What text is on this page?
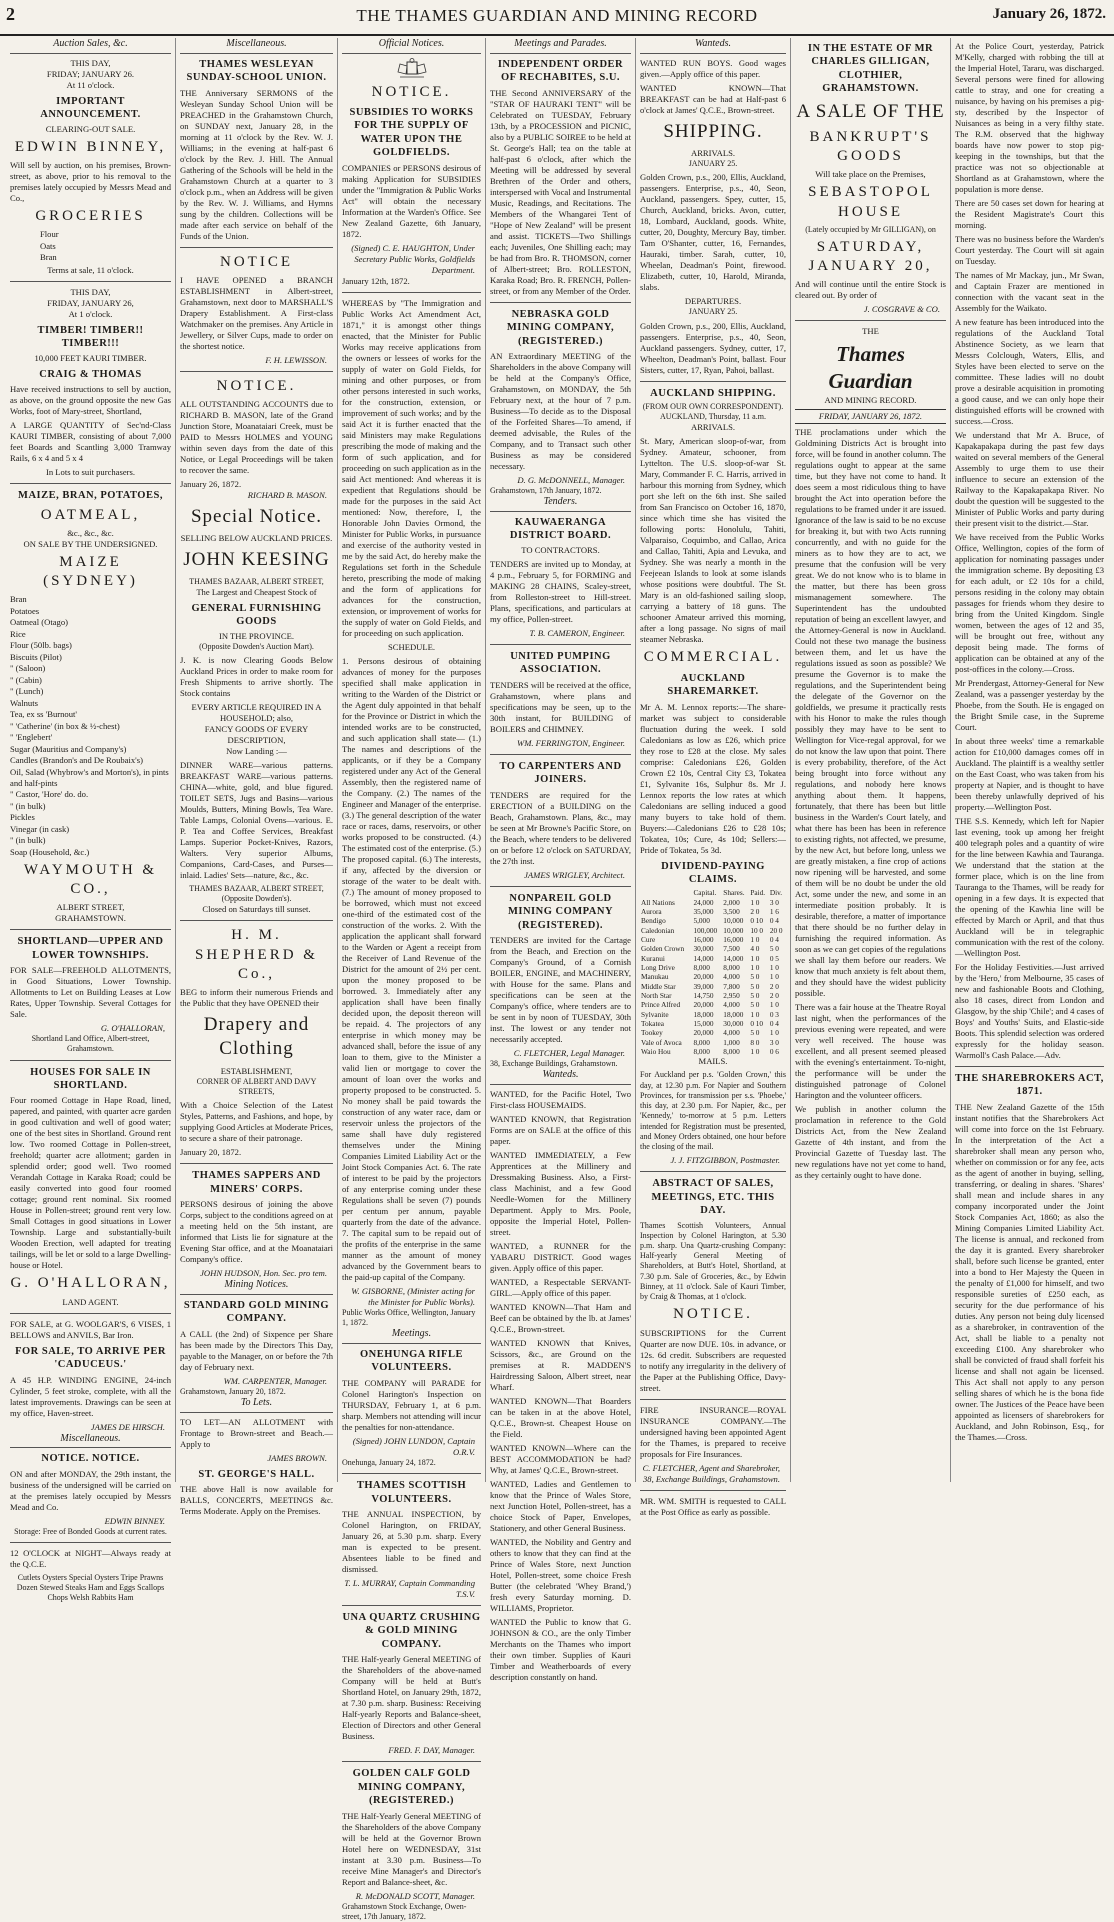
2	THE THAMES GUARDIAN AND MINING RECORD	January 26, 1872.
Auction Sales, &c.
THIS DAY,
FRIDAY; JANUARY 26.
At 11 o'clock.
IMPORTANT ANNOUNCEMENT.
CLEARING-OUT SALE.
EDWIN BINNEY,
Will sell by auction, on his premises, Brown-street, as above, prior to his removal to the premises lately occupied by Messrs Mead and Co.,
GROCERIES
Flour
Oats
Bran
Terms at sale, 11 o'clock.
THIS DAY,
FRIDAY, JANUARY 26,
At 1 o'clock.
TIMBER! TIMBER!! TIMBER!!!
10,000 FEET KAURI TIMBER.
CRAIG & THOMAS
Have received instructions to sell by auction, as above, on the ground opposite the new Gas Works, foot of Mary-street, Shortland,
A LARGE QUANTITY of Sec'nd-Class KAURI TIMBER, consisting of about 7,000 feet Boards and Scantling 3,000 Tramway Rails, 6 x 4 and 5 x 4
In Lots to suit purchasers.
MAIZE, BRAN, POTATOES,
OATMEAL,
&c., &c., &c.
ON SALE BY THE UNDERSIGNED.
MAIZE (SYDNEY)
Bran
Potatoes
Oatmeal (Otago)
Rice
Flour (50lb. bags)
Biscuits (Pilot)
" (Saloon)
" (Cabin)
" (Lunch)
Walnuts
Tea, ex ss 'Burnout'
" 'Catherine' (in box & ½-chest)
" 'Englebert'
Sugar (Mauritius and Company's)
Candles (Brandon's and De Roubaix's)
Oil, Salad (Whybrow's and Morton's), in pints and half-pints
" Castor, 'Hore' do. do.
" (in bulk)
Pickles
Vinegar (in cask)
" (in bulk)
Soap (Household, &c.)
WAYMOUTH & CO.,
ALBERT STREET,
GRAHAMSTOWN.
SHORTLAND—UPPER AND LOWER TOWNSHIPS.
FOR SALE—FREEHOLD ALLOTMENTS, in Good Situations, Lower Township. Allotments to Let on Building Leases at Low Rates, Upper Township. Several Cottages for Sale.
G. O'HALLORAN,
Shortland Land Office, Albert-street, Grahamstown.
HOUSES FOR SALE IN SHORTLAND.
Four roomed Cottage in Hape Road, lined, papered, and painted, with quarter acre garden in good cultivation and well of good water; one of the best sites in Shortland. Ground rent low. Two roomed Cottage in Pollen-street, freehold; quarter acre allotment; garden in splendid order; good well. Two roomed Verandah Cottage in Karaka Road; could be easily converted into good four roomed cottage; ground rent nominal. Six roomed House in Pollen-street; ground rent very low. Small Cottages in good situations in Lower Township. Large and substantially-built Wooden Erection, well adapted for treating tailings, will be let or sold to a large Dwelling-house or Hotel.
G. O'HALLORAN,
LAND AGENT.
FOR SALE, at G. WOOLGAR'S, 6 VISES, 1 BELLOWS and ANVILS, Bar Iron.
FOR SALE, TO ARRIVE PER 'CADUCEUS.'
A 45 H.P. WINDING ENGINE, 24-inch Cylinder, 5 feet stroke, complete, with all the latest improvements. Drawings can be seen at my office, Haven-street.
JAMES DE HIRSCH.
Miscellaneous.
NOTICE. NOTICE.
ON and after MONDAY, the 29th instant, the business of the undersigned will be carried on at the premises lately occupied by Messrs Mead and Co.
EDWIN BINNEY.
Storage: Free of Bonded Goods at current rates.
12 O'CLOCK at NIGHT—Always ready at the Q.C.E.
Cutlets Oysters Special Oysters Tripe Prawns Dozen Stewed Steaks Ham and Eggs Scallops Chops Welsh Rabbits Ham
Miscellaneous.
THAMES WESLEYAN SUNDAY-SCHOOL UNION.
THE Anniversary SERMONS of the Wesleyan Sunday School Union will be PREACHED in the Grahamstown Church, on SUNDAY next, January 28, in the morning at 11 o'clock by the Rev. W. J. Williams; in the evening at half-past 6 o'clock by the Rev. J. Hill. The Annual Gathering of the Schools will be held in the Grahamstown Church at a quarter to 3 o'clock p.m., when an Address will be given by the Rev. W. J. Williams, and Hymns sung by the children. Collections will be made after each service on behalf of the Funds of the Union.
NOTICE
I HAVE OPENED a BRANCH ESTABLISHMENT in Albert-street, Grahamstown, next door to MARSHALL'S Drapery Establishment. A First-class Watchmaker on the premises. Any Article in Jewellery, or Silver Cups, made to order on the shortest notice.
F. H. LEWISSON.
NOTICE.
ALL OUTSTANDING ACCOUNTS due to RICHARD B. MASON, late of the Grand Junction Store, Moanataiari Creek, must be PAID to Messrs HOLMES and YOUNG within seven days from the date of this Notice, or Legal Proceedings will be taken to recover the same.
January 26, 1872.
RICHARD B. MASON.
Special Notice.
SELLING BELOW AUCKLAND PRICES.
JOHN KEESING
THAMES BAZAAR, ALBERT STREET,
The Largest and Cheapest Stock of
GENERAL FURNISHING GOODS
IN THE PROVINCE.
(Opposite Dowden's Auction Mart).
J. K. is now Clearing Goods Below Auckland Prices in order to make room for Fresh Shipments to arrive shortly. The Stock contains
EVERY ARTICLE REQUIRED IN A HOUSEHOLD; also,
FANCY GOODS OF EVERY DESCRIPTION,
Now Landing :—
DINNER WARE—various patterns. BREAKFAST WARE—various patterns. CHINA—white, gold, and blue figured. TOILET SETS, Jugs and Basins—various Moulds, Butters, Mining Bowls, Tea Ware. Table Lamps, Colonial Ovens—various. E. P. Tea and Coffee Services, Breakfast Lamps. Superior Pocket-Knives, Razors, Walters. Very superior Albums, Companions, Card-Cases, and Purses—inlaid. Ladies' Sets—nature, &c., &c.
THAMES BAZAAR, ALBERT STREET, (Opposite Dowden's).
Closed on Saturdays till sunset.
H. M. SHEPHERD & Co.,
BEG to inform their numerous Friends and the Public that they have OPENED their
Drapery and Clothing
ESTABLISHMENT,
CORNER OF ALBERT AND DAVY STREETS,
With a Choice Selection of the Latest Styles, Patterns, and Fashions, and hope, by supplying Good Articles at Moderate Prices, to secure a share of their patronage.
January 20, 1872.
THAMES SAPPERS AND MINERS' CORPS.
PERSONS desirous of joining the above Corps, subject to the conditions agreed on at a meeting held on the 5th instant, are informed that Lists lie for signature at the Evening Star office, and at the Moanataiari Company's office.
JOHN HUDSON, Hon. Sec. pro tem.
Mining Notices.
STANDARD GOLD MINING COMPANY.
A CALL (the 2nd) of Sixpence per Share has been made by the Directors This Day, payable to the Manager, on or before the 7th day of February next.
WM. CARPENTER, Manager.
Grahamstown, January 20, 1872.
To Lets.
TO LET—AN ALLOTMENT with Frontage to Brown-street and Beach.—Apply to
JAMES BROWN.
ST. GEORGE'S HALL.
THE above Hall is now available for BALLS, CONCERTS, MEETINGS &c. Terms Moderate. Apply on the Premises.
Official Notices.
NOTICE.
SUBSIDIES TO WORKS FOR THE SUPPLY OF WATER UPON THE GOLDFIELDS.
COMPANIES or PERSONS desirous of making Application for SUBSIDIES under the "Immigration & Public Works Act" will obtain the necessary Information at the Warden's Office. See New Zealand Gazette, 6th January, 1872.
(Signed) C. E. HAUGHTON, Under Secretary Public Works, Goldfields Department.
January 12th, 1872.
WHEREAS by "The Immigration and Public Works Act Amendment Act, 1871," it is amongst other things enacted, that the Minister for Public Works may receive applications from the owners or lessees of works for the supply of water on Gold Fields, for mining and other purposes, or from other persons interested in such works, for the construction, extension, or improvement of such works; and by the said Act it is further enacted that the said Ministers may make Regulations prescribing the mode of making and the form of such application, and for proceeding on such application as in the said Act mentioned: And whereas it is expedient that Regulations should be made for the purposes in the said Act mentioned: Now, therefore, I, the Honorable John Davies Ormond, the Minister for Public Works, in pursuance and exercise of the authority vested in me by the said Act, do hereby make the Regulations set forth in the Schedule hereto, prescribing the mode of making and the form of applications for advances for the construction, extension, or improvement of works for the supply of water on Gold Fields, and for proceeding on such application.
SCHEDULE.
1. Persons desirous of obtaining advances of money for the purposes specified shall make application in writing to the Warden of the District or the Agent duly appointed in that behalf for the Province or District in which the intended works are to be constructed, and such application shall state— (1.) The names and descriptions of the applicants, or if they be a Company registered under any Act of the General Assembly, then the registered name of the Company. (2.) The names of the Engineer and Manager of the enterprise. (3.) The general description of the water race or races, dams, reservoirs, or other works proposed to be constructed. (4.) The estimated cost of the enterprise. (5.) The proposed capital. (6.) The interests, if any, affected by the diversion or storage of the water to be dealt with. (7.) The amount of money proposed to be borrowed, which must not exceed one-third of the estimated cost of the construction of the works. 2. With the application the applicant shall forward to the Warden or Agent a receipt from the Receiver of Land Revenue of the District for the amount of 2½ per cent. upon the money proposed to be borrowed. 3. Immediately after any application shall have been finally decided upon, the deposit thereon will be repaid. 4. The projectors of any enterprise in which money may be advanced shall, before the issue of any loan to them, give to the Minister a valid lien or mortgage to cover the amount of loan over the works and property proposed to be constructed. 5. No money shall be paid towards the construction of any water race, dam or reservoir unless the projectors of the same shall have duly registered themselves under the Mining Companies Limited Liability Act or the Joint Stock Companies Act. 6. The rate of interest to be paid by the projectors of any enterprise coming under these Regulations shall be seven (7) pounds per centum per annum, payable quarterly from the date of the advance. 7. The capital sum to be repaid out of the profits of the enterprise in the same manner as the amount of money advanced by the Government bears to the paid-up capital of the Company.
W. GISBORNE, (Minister acting for the Minister for Public Works).
Public Works Office, Wellington, January 1, 1872.
Meetings.
ONEHUNGA RIFLE VOLUNTEERS.
THE COMPANY will PARADE for Colonel Harington's Inspection on THURSDAY, February 1, at 6 p.m. sharp. Members not attending will incur the penalties for non-attendance.
(Signed) JOHN LUNDON, Captain O.R.V.
Onehunga, January 24, 1872.
THAMES SCOTTISH VOLUNTEERS.
THE ANNUAL INSPECTION, by Colonel Harington, on FRIDAY, January 26, at 5.30 p.m. sharp. Every man is expected to be present. Absentees liable to be fined and dismissed.
T. L. MURRAY, Captain Commanding T.S.V.
UNA QUARTZ CRUSHING & GOLD MINING COMPANY.
THE Half-yearly General MEETING of the Shareholders of the above-named Company will be held at Butt's Shortland Hotel, on January 29th, 1872, at 7.30 p.m. sharp. Business: Receiving Half-yearly Reports and Balance-sheet, Election of Directors and other General Business.
FRED. F. DAY, Manager.
GOLDEN CALF GOLD MINING COMPANY, (REGISTERED.)
THE Half-Yearly General MEETING of the Shareholders of the above Company will be held at the Governor Brown Hotel here on WEDNESDAY, 31st instant at 3.30 p.m. Business—To receive Mine Manager's and Director's Report and Balance-sheet, &c.
R. McDONALD SCOTT, Manager.
Grahamstown Stock Exchange, Owen-street, 17th January, 1872.
Meetings and Parades.
INDEPENDENT ORDER OF RECHABITES, S.U.
THE Second ANNIVERSARY of the "STAR OF HAURAKI TENT" will be Celebrated on TUESDAY, February 13th, by a PROCESSION and PICNIC, also by a PUBLIC SOIREE to be held at St. George's Hall; tea on the table at half-past 6 o'clock, after which the Meeting will be addressed by several Brethren of the Order and others, interspersed with Vocal and Instrumental Music, Readings, and Recitations. The Members of the Whangarei Tent of "Hope of New Zealand" will be present and assist. TICKETS—Two Shillings each; Juveniles, One Shilling each; may be had from Bro. R. THOMSON, corner of Albert-street; Bro. ROLLESTON, Karaka Road; Bro. R. FRENCH, Pollen-street, or from any Member of the Order.
NEBRASKA GOLD MINING COMPANY, (REGISTERED.)
AN Extraordinary MEETING of the Shareholders in the above Company will be held at the Company's Office, Grahamstown, on MONDAY, the 5th February next, at the hour of 7 p.m. Business—To decide as to the Disposal of the Forfeited Shares—To amend, if deemed advisable, the Rules of the Company, and to Transact such other Business as may be considered necessary.
D. G. McDONNELL, Manager.
Grahamstown, 17th January, 1872.
Tenders.
KAUWAERANGA DISTRICT BOARD.
TO CONTRACTORS.
TENDERS are invited up to Monday, at 4 p.m., February 5, for FORMING and MAKING 28 CHAINS, Scaley-street, from Rolleston-street to Hill-street. Plans, specifications, and particulars at my office, Pollen-street.
T. B. CAMERON, Engineer.
UNITED PUMPING ASSOCIATION.
TENDERS will be received at the office, Grahamstown, where plans and specifications may be seen, up to the 30th instant, for BUILDING of BOILERS and CHIMNEY.
WM. FERRINGTON, Engineer.
TO CARPENTERS AND JOINERS.
TENDERS are required for the ERECTION of a BUILDING on the Beach, Grahamstown. Plans, &c., may be seen at Mr Browne's Pacific Store, on the Beach, where tenders to be delivered on or before 12 o'clock on SATURDAY, the 27th inst.
JAMES WRIGLEY, Architect.
NONPAREIL GOLD MINING COMPANY (REGISTERED).
TENDERS are invited for the Cartage from the Beach, and Erection on the Company's Ground, of a Cornish BOILER, ENGINE, and MACHINERY, with House for the same. Plans and specifications can be seen at the Company's office, where tenders are to be sent in by noon of TUESDAY, 30th inst. The lowest or any tender not necessarily accepted.
C. FLETCHER, Legal Manager.
38, Exchange Buildings, Grahamstown.
Wanteds.
WANTED, for the Pacific Hotel, Two First-class HOUSEMAIDS.
WANTED KNOWN, that Registration Forms are on SALE at the office of this paper.
WANTED IMMEDIATELY, a Few Apprentices at the Millinery and Dressmaking Business. Also, a First-class Machinist, and a few Good Needle-Women for the Millinery Department. Apply to Mrs. Poole, opposite the Imperial Hotel, Pollen-street.
WANTED, a RUNNER for the YABARU DISTRICT. Good wages given. Apply office of this paper.
WANTED, a Respectable SERVANT-GIRL.—Apply office of this paper.
WANTED KNOWN—That Ham and Beef can be obtained by the lb. at James' Q.C.E., Brown-street.
WANTED KNOWN that Knives, Scissors, &c., are Ground on the premises at R. MADDEN'S Hairdressing Saloon, Albert street, near Wharf.
WANTED KNOWN—That Boarders can be taken in at the above Hotel, Q.C.E., Brown-st. Cheapest House on the Field.
WANTED KNOWN—Where can the BEST ACCOMMODATION be had? Why, at James' Q.C.E., Brown-street.
WANTED, Ladies and Gentlemen to know that the Prince of Wales Store, next Junction Hotel, Pollen-street, has a choice Stock of Paper, Envelopes, Stationery, and other General Business.
WANTED, the Nobility and Gentry and others to know that they can find at the Prince of Wales Store, next Junction Hotel, Pollen-street, some choice Fresh Butter (the celebrated 'Whey Brand,') fresh every Saturday morning. D. WILLIAMS, Proprietor.
WANTED the Public to know that G. JOHNSON & CO., are the only Timber Merchants on the Thames who import their own timber. Supplies of Kauri Timber and Weatherboards of every description constantly on hand.
Wanteds.
WANTED RUN BOYS. Good wages given.—Apply office of this paper.
WANTED KNOWN—That BREAKFAST can be had at Half-past 6 o'clock at James' Q.C.E., Brown-street.
SHIPPING.
ARRIVALS.
JANUARY 25.
Golden Crown, p.s., 200, Ellis, Auckland, passengers. Enterprise, p.s., 40, Seon, Auckland, passengers. Spey, cutter, 15, Church, Auckland, bricks. Avon, cutter, 18, Lombard, Auckland, goods. White, cutter, 20, Doughty, Mercury Bay, timber. Tam O'Shanter, cutter, 16, Fernandes, Hauraki, timber. Sarah, cutter, 10, Wheelan, Deadman's Point, firewood. Elizabeth, cutter, 10, Harold, Miranda, slabs.
DEPARTURES.
JANUARY 25.
Golden Crown, p.s., 200, Ellis, Auckland, passengers. Enterprise, p.s., 40, Seon, Auckland passengers. Sydney, cutter, 17, Wheelton, Deadman's Point, ballast. Four Sisters, cutter, 17, Ryan, Pahoi, ballast.
AUCKLAND SHIPPING.
(FROM OUR OWN CORRESPONDENT).
AUCKLAND, Thursday, 11 a.m.
ARRIVALS.
St. Mary, American sloop-of-war, from Sydney. Amateur, schooner, from Lyttelton. The U.S. sloop-of-war St. Mary, Commander F. C. Harris, arrived in harbour this morning from Sydney, which port she left on the 6th inst. She sailed from San Francisco on October 16, 1870, since which time she has visited the following ports: Honolulu, Tahiti, Valparaiso, Coquimbo, and Callao, Arica and Callao, Tahiti, Apia and Levuka, and Sydney. She was nearly a month in the Feejeean Islands to look at some islands whose positions were doubtful. The St. Mary is an old-fashioned sailing sloop, carrying a battery of 18 guns. The schooner Amateur arrived this morning, after a long passage. No signs of mail steamer Nebraska.
COMMERCIAL.
AUCKLAND SHAREMARKET.
Mr A. M. Lennox reports:—The share-market was subject to considerable fluctuation during the week. I sold Caledonians as low as £26, which price they rose to £28 at the close. My sales comprise: Caledonians £26, Golden Crown £2 10s, Central City £3, Tokatea £1, Sylvanite 16s, Sulphur 8s. Mr J. Lennox reports the low rates at which Caledonians are selling induced a good many buyers to take hold of them. Buyers:—Caledonians £26 to £28 10s; Tokatea, 10s; Cure, 4s 10d; Sellers:—Pride of Tokatea, 5s 3d.
DIVIDEND-PAYING CLAIMS.
	Capital.	Shares.	Paid.	Div.
All Nations	24,000	2,000	1 0	3 0
Aurora	35,000	3,500	2 0	1 6
Bendigo	5,000	10,000	0 10	0 4
Caledonian	100,000	10,000	10 0	20 0
Cure	16,000	16,000	1 0	0 4
Golden Crown	30,000	7,500	4 0	5 0
Kuranui	14,000	14,000	1 0	0 5
Long Drive	8,000	8,000	1 0	1 0
Manukau	20,000	4,000	5 0	1 0
Middle Star	39,000	7,800	5 0	2 0
North Star	14,750	2,950	5 0	2 0
Prince Alfred	20,000	4,000	5 0	1 0
Sylvanite	18,000	18,000	1 0	0 3
Tokatea	15,000	30,000	0 10	0 4
Tookey	20,000	4,000	5 0	1 0
Vale of Avoca	8,000	1,000	8 0	3 0
Waio Hou	8,000	8,000	1 0	0 6
MAILS.
For Auckland per p.s. 'Golden Crown,' this day, at 12.30 p.m. For Napier and Southern Provinces, for transmission per s.s. 'Phoebe,' this day, at 2.30 p.m. For Napier, &c., per 'Kennedy,' to-morrow at 5 p.m. Letters intended for Registration must be presented, and Money Orders obtained, one hour before the closing of the mail.
J. J. FITZGIBBON, Postmaster.
ABSTRACT OF SALES, MEETINGS, ETC. THIS DAY.
Thames Scottish Volunteers, Annual Inspection by Colonel Harington, at 5.30 p.m. sharp. Una Quartz-crushing Company: Half-yearly General Meeting of Shareholders, at Butt's Hotel, Shortland, at 7.30 p.m. Sale of Groceries, &c., by Edwin Binney, at 11 o'clock. Sale of Kauri Timber, by Craig & Thomas, at 1 o'clock.
NOTICE.
SUBSCRIPTIONS for the Current Quarter are now DUE. 10s. in advance, or 12s. 6d credit. Subscribers are requested to notify any irregularity in the delivery of the Paper at the Publishing Office, Davy-street.
FIRE INSURANCE—ROYAL INSURANCE COMPANY.—The undersigned having been appointed Agent for the Thames, is prepared to receive proposals for Fire Insurances.
C. FLETCHER, Agent and Sharebroker, 38, Exchange Buildings, Grahamstown.
MR. WM. SMITH is requested to CALL at the Post Office as early as possible.
IN THE ESTATE OF MR CHARLES GILLIGAN, CLOTHIER, GRAHAMSTOWN.
A SALE OF THE
BANKRUPT'S GOODS
Will take place on the Premises,
SEBASTOPOL HOUSE
(Lately occupied by Mr GILLIGAN), on
SATURDAY, JANUARY 20,
And will continue until the entire Stock is cleared out. By order of
J. COSGRAVE & CO.
THE
Thames Guardian
AND MINING RECORD.
FRIDAY, JANUARY 26, 1872.
THE proclamations under which the Goldmining Districts Act is brought into force, will be found in another column. The regulations ought to appear at the same time, but they have not come to hand. It does seem a most ridiculous thing to have brought the Act into operation before the regulations to be framed under it are issued. Ignorance of the law is said to be no excuse for breaking it, but with two Acts running concurrently, and with no guide for the miners as to how they are to act, we presume that the confusion will be very great. We do not know who is to blame in the matter, but there has been gross mismanagement somewhere. The Superintendent has the undoubted reputation of being an excellent lawyer, and the Attorney-General is now in Auckland. Could not these two manage the business between them, and let us have the regulations issued as soon as possible? We presume the Governor is to make the regulations, and the Superintendent being the delegate of the Governor on the goldfields, we presume it practically rests with his Honor to make the rules though possibly they may have to be sent to Wellington for Vice-regal approval, for we do not know the law upon that point. There is every probability, therefore, of the Act being brought into force without any regulations, and nobody here knows anything about them. It happens, fortunately, that there has been but little business in the Warden's Court lately, and what there has been has been in reference to existing rights, not affected, we presume, by the new Act, but before long, unless we are greatly mistaken, a fine crop of actions now ripening will be harvested, and some of them will be no doubt be under the old Act, some under the new, and some in an intermediate position probably. It is desirable, therefore, a matter of importance that there should be no further delay in furnishing the required information. As soon as we can get copies of the regulations we shall lay them before our readers. We know that much anxiety is felt about them, and they should have the widest publicity possible.
There was a fair house at the Theatre Royal last night, when the performances of the previous evening were repeated, and were very well received. The house was excellent, and all present seemed pleased with the evening's entertainment. To-night, the performance will be under the distinguished patronage of Colonel Harington and the volunteer officers.
We publish in another column the proclamation in reference to the Gold Districts Act, from the New Zealand Gazette of 4th instant, and from the Provincial Gazette of Tuesday last. The new regulations have not yet come to hand, as they certainly ought to have done.
At the Police Court, yesterday, Patrick M'Kelly, charged with robbing the till at the Imperial Hotel, Tararu, was discharged. Several persons were fined for allowing cattle to stray, and one for creating a nuisance, by having on his premises a pig-sty, described by the Inspector of Nuisances as being in a very filthy state. The R.M. observed that the highway boards have now power to stop pig-keeping in the townships, but that the practice was not so objectionable at Shortland as at Grahamstown, where the population is more dense.
There are 50 cases set down for hearing at the Resident Magistrate's Court this morning.
There was no business before the Warden's Court yesterday. The Court will sit again on Tuesday.
The names of Mr Mackay, jun., Mr Swan, and Captain Frazer are mentioned in connection with the vacant seat in the Assembly for the Waikato.
A new feature has been introduced into the regulations of the Auckland Total Abstinence Society, as we learn that Messrs Colclough, Waters, Ellis, and Styles have been elected to serve on the committee. These ladies will no doubt prove a desirable acquisition in promoting a good cause, and we can only hope their distinguished efforts will be crowned with success.—Cross.
We understand that Mr A. Bruce, of Kapakapakapa during the past few days waited on several members of the General Assembly to urge them to use their influence to secure an extension of the Railway to the Kapakapakapa River. No doubt the question will be suggested to the Minister of Public Works and party during their present visit to the district.—Star.
We have received from the Public Works Office, Wellington, copies of the form of application for nominating passages under the immigration scheme. By depositing £3 for each adult, or £2 10s for a child, persons residing in the colony may obtain passages for friends whom they desire to bring from the United Kingdom. Single women, between the ages of 12 and 35, will be brought out free, without any deposit being made. The forms of application can be obtained at any of the post-offices in the colony.—Cross.
Mr Prendergast, Attorney-General for New Zealand, was a passenger yesterday by the Phoebe, from the South. He is engaged on the Bright Smile case, in the Supreme Court.
In about three weeks' time a remarkable action for £10,000 damages comes off in Auckland. The plaintiff is a wealthy settler on the East Coast, who was taken from his property at Napier, and is thought to have been thereby unlawfully deprived of his property.—Wellington Post.
THE S.S. Kennedy, which left for Napier last evening, took up among her freight 400 telegraph poles and a quantity of wire for the line between Kawhia and Tauranga. We understand that the station at the former place, which is on the line from Tauranga to the Thames, will be ready for opening in a few days. It is expected that the opening of the Kawhia line will be effected by March or April, and that thus Auckland will be in telegraphic communication with the rest of the colony.—Wellington Post.
For the Holiday Festivities.—Just arrived by the 'Hero,' from Melbourne, 35 cases of new and fashionable Boots and Clothing, also 18 cases, direct from London and Glasgow, by the ship 'Chile'; and 4 cases of Boys' and Youths' Suits, and Elastic-side Boots. This splendid selection was ordered expressly for the holiday season. Warmoll's Cash Palace.—Adv.
THE SHAREBROKERS ACT, 1871.
THE New Zealand Gazette of the 15th instant notifies that the Sharebrokers Act will come into force on the 1st February. In the interpretation of the Act a sharebroker shall mean any person who, whether on commission or for any fee, acts as the agent of another in buying, selling, transferring, or dealing in shares. 'Shares' shall mean and include shares in any company incorporated under the Joint Stock Companies Act, 1860; as also the Mining Companies Limited Liability Act. The license is annual, and reckoned from the day it is granted. Every sharebroker shall, before such license be granted, enter into a bond to Her Majesty the Queen in the penalty of £1,000 for himself, and two responsible sureties of £250 each, as security for the due performance of his duties. Any person not being duly licensed as a sharebroker, in contravention of the Act, shall be liable to a penalty not exceeding £100. Any sharebroker who shall be convicted of fraud shall forfeit his license and shall not again be licensed. This Act shall not apply to any person selling shares of which he is the bona fide owner. The Justices of the Peace have been appointed as licensers of sharebrokers for Auckland, and John Robinson, Esq., for the Thames.—Cross.
